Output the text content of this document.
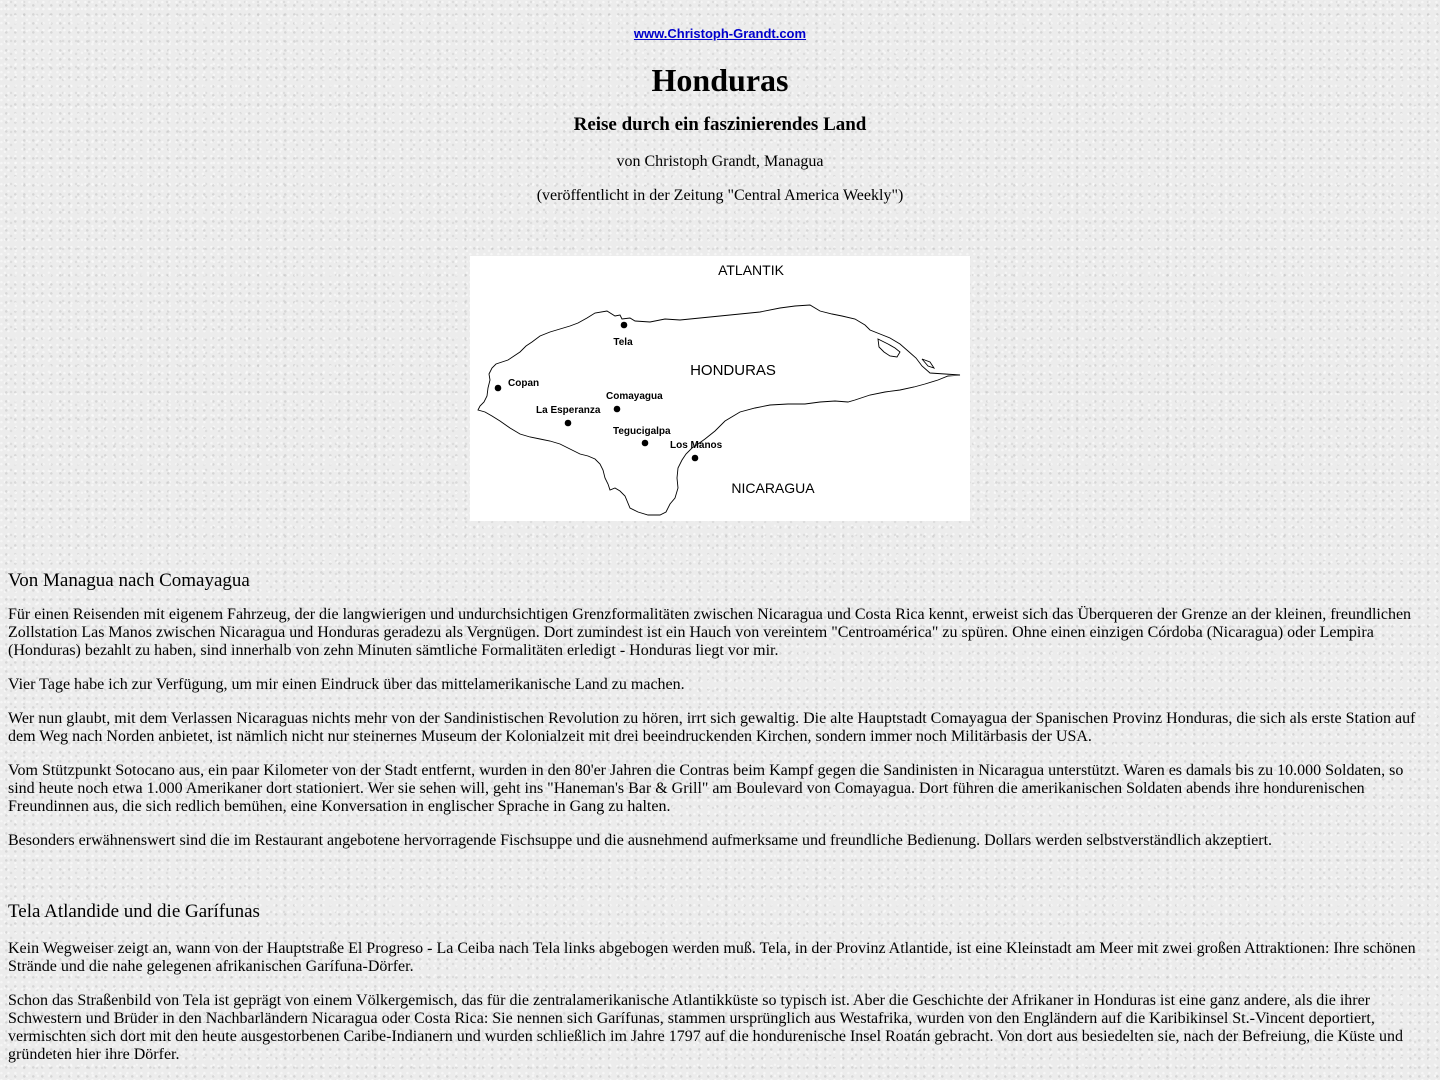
www.Christoph-Grandt.com
Honduras
Reise durch ein faszinierendes Land
von Christoph Grandt, Managua
(veröffentlicht in der Zeitung "Central America Weekly")
ATLANTIK
HONDURAS
NICARAGUA
Tela
Copan
Comayagua
La Esperanza
Tegucigalpa
Los Manos
Von Managua nach Comayagua

Für einen Reisenden mit eigenem Fahrzeug, der die langwierigen und undurchsichtigen Grenzformalitäten zwischen Nicaragua und Costa Rica kennt, erweist sich das Überqueren der Grenze an der kleinen, freundlichen Zollstation Las Manos zwischen Nicaragua und Honduras geradezu als Vergnügen. Dort zumindest ist ein Hauch von vereintem "Centroamérica" zu spüren. Ohne einen einzigen Córdoba (Nicaragua) oder Lempira (Honduras) bezahlt zu haben, sind innerhalb von zehn Minuten sämtliche Formalitäten erledigt - Honduras liegt vor mir.

Vier Tage habe ich zur Verfügung, um mir einen Eindruck über das mittelamerikanische Land zu machen.

Wer nun glaubt, mit dem Verlassen Nicaraguas nichts mehr von der Sandinistischen Revolution zu hören, irrt sich gewaltig. Die alte Hauptstadt Comayagua der Spanischen Provinz Honduras, die sich als erste Station auf dem Weg nach Norden anbietet, ist nämlich nicht nur steinernes Museum der Kolonialzeit mit drei beeindruckenden Kirchen, sondern immer noch Militärbasis der USA.

Vom Stützpunkt Sotocano aus, ein paar Kilometer von der Stadt entfernt, wurden in den 80'er Jahren die Contras beim Kampf gegen die Sandinisten in Nicaragua unterstützt. Waren es damals bis zu 10.000 Soldaten, so sind heute noch etwa 1.000 Amerikaner dort stationiert. Wer sie sehen will, geht ins "Haneman's Bar & Grill" am Boulevard von Comayagua. Dort führen die amerikanischen Soldaten abends ihre hondurenischen Freundinnen aus, die sich redlich bemühen, eine Konversation in englischer Sprache in Gang zu halten.

Besonders erwähnenswert sind die im Restaurant angebotene hervorragende Fischsuppe und die ausnehmend aufmerksame und freundliche Bedienung. Dollars werden selbstverständlich akzeptiert.

Tela Atlandide und die Garífunas

Kein Wegweiser zeigt an, wann von der Hauptstraße El Progreso - La Ceiba nach Tela links abgebogen werden muß. Tela, in der Provinz Atlantide, ist eine Kleinstadt am Meer mit zwei großen Attraktionen: Ihre schönen Strände und die nahe gelegenen afrikanischen Garífuna-Dörfer.

Schon das Straßenbild von Tela ist geprägt von einem Völkergemisch, das für die zentralamerikanische Atlantikküste so typisch ist. Aber die Geschichte der Afrikaner in Honduras ist eine ganz andere, als die ihrer Schwestern und Brüder in den Nachbarländern Nicaragua oder Costa Rica: Sie nennen sich Garífunas, stammen ursprünglich aus Westafrika, wurden von den Engländern auf die Karibikinsel St.-Vincent deportiert, vermischten sich dort mit den heute ausgestorbenen Caribe-Indianern und wurden schließlich im Jahre 1797 auf die hondurenische Insel Roatán gebracht. Von dort aus besiedelten sie, nach der Befreiung, die Küste und gründeten hier ihre Dörfer.
